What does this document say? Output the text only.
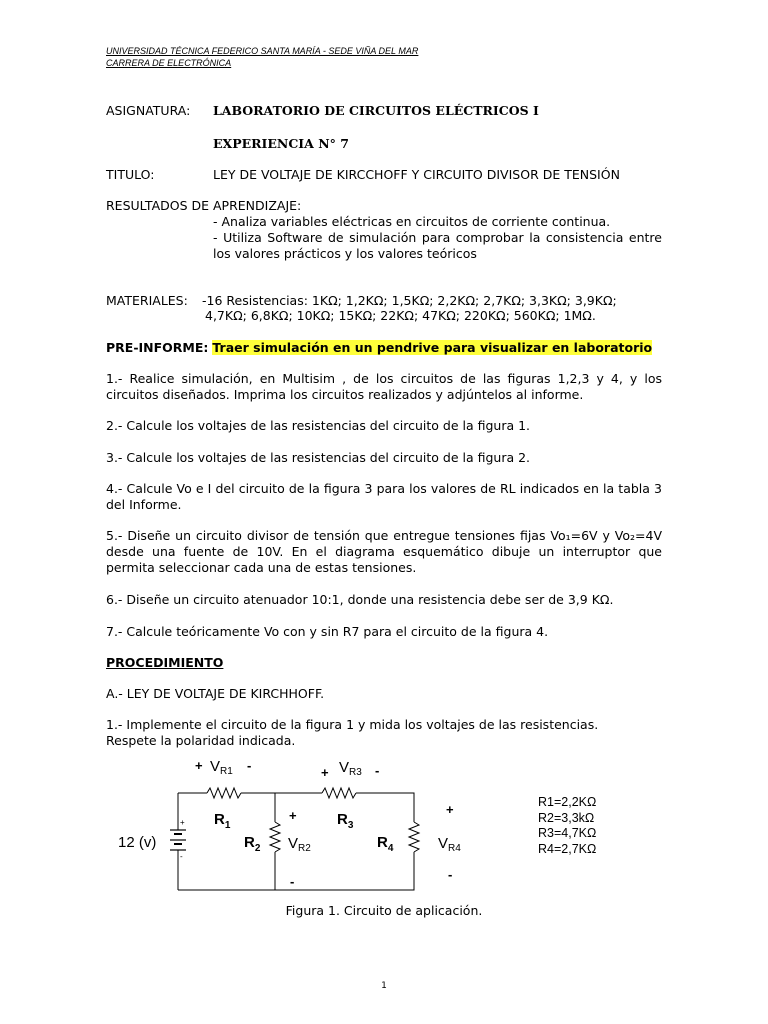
UNIVERSIDAD TÉCNICA FEDERICO SANTA MARÍA - SEDE VIÑA DEL MAR
CARRERA DE ELECTRÓNICA
ASIGNATURA:	LABORATORIO DE CIRCUITOS ELÉCTRICOS I
EXPERIENCIA N° 7
TITULO:	LEY DE VOLTAJE DE KIRCCHOFF Y CIRCUITO DIVISOR DE TENSIÓN
RESULTADOS DE APRENDIZAJE:
- Analiza variables eléctricas en circuitos de corriente continua.
- Utiliza Software de simulación para comprobar la consistencia entre
los valores prácticos y los valores teóricos
MATERIALES:	-16 Resistencias: 1KΩ; 1,2KΩ; 1,5KΩ; 2,2KΩ; 2,7KΩ; 3,3KΩ; 3,9KΩ;
4,7KΩ; 6,8KΩ; 10KΩ; 15KΩ; 22KΩ; 47KΩ; 220KΩ; 560KΩ; 1MΩ.
PRE-INFORME: Traer simulación en un pendrive para visualizar en laboratorio
1.- Realice simulación, en Multisim , de los circuitos de las figuras 1,2,3 y 4, y los circuitos diseñados. Imprima los circuitos realizados y adjúntelos al informe.
2.- Calcule los voltajes de las resistencias del circuito de la figura 1.
3.- Calcule los voltajes de las resistencias del circuito de la figura 2.
4.- Calcule Vo e I del circuito de la figura 3 para los valores de RL indicados en la tabla 3 del Informe.
5.- Diseñe un circuito divisor de tensión que entregue tensiones fijas Vo₁=6V y Vo₂=4V desde una fuente de 10V. En el diagrama esquemático dibuje un interruptor que permita seleccionar cada una de estas tensiones.
6.- Diseñe un circuito atenuador 10:1, donde una resistencia debe ser de 3,9 KΩ.
7.- Calcule teóricamente Vo con y sin R7 para el circuito de la figura 4.
PROCEDIMIENTO
A.- LEY DE VOLTAJE DE KIRCHHOFF.
1.- Implemente el circuito de la figura 1 y mida los voltajes de las resistencias. Respete la polaridad indicada.
+
-
12 (v)
+ $V_{R1}$ -	+ $V_{R3}$ -
$R_1$
$R_2$
+
$V_{R2}$
-
$R_3$
$R_4$
+
$V_{R4}$
-
R1=2,2KΩ
R2=3,3kΩ
R3=4,7KΩ
R4=2,7KΩ
Figura 1. Circuito de aplicación.
1
